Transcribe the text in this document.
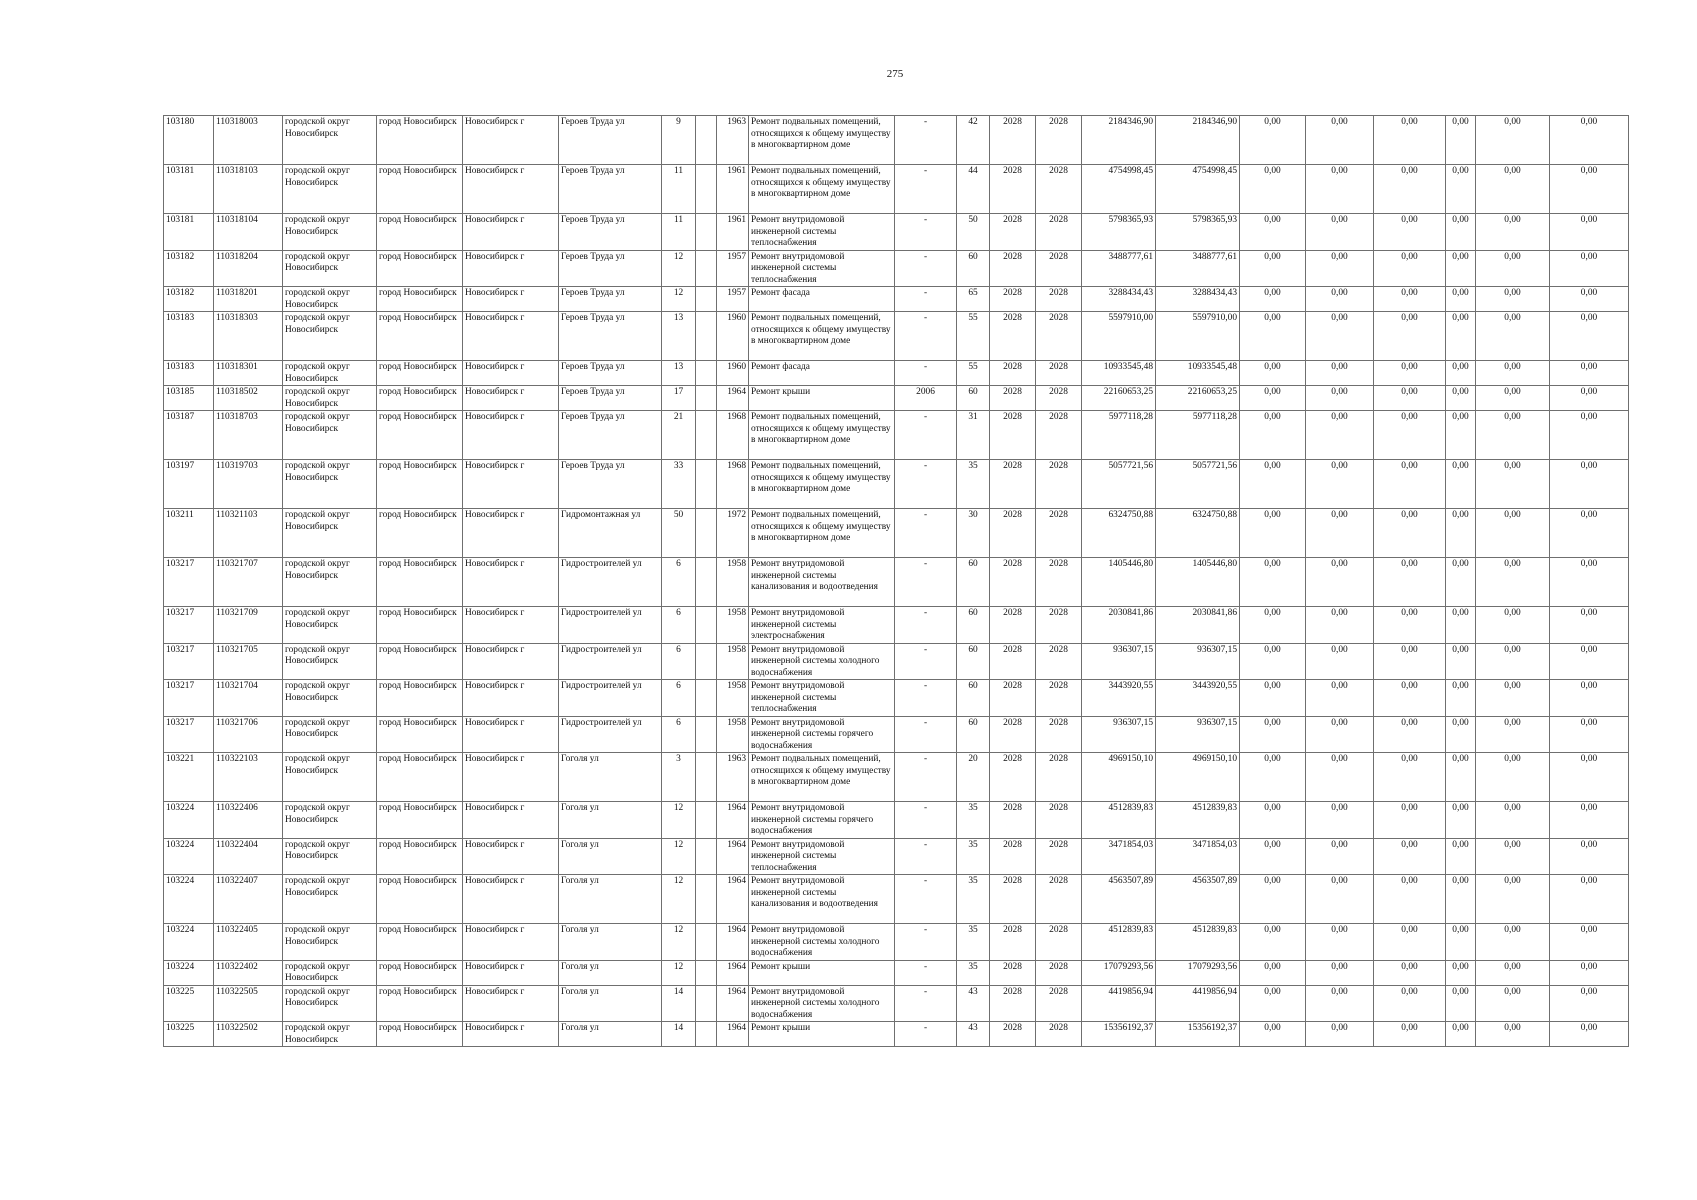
275
103180	110318003	городской округ Новосибирск	город Новосибирск	Новосибирск г	Героев Труда ул	9		1963	Ремонт подвальных помещений, относящихся к общему имуществу в многоквартирном доме	-	42	2028	2028	2184346,90	2184346,90	0,00	0,00	0,00	0,00	0,00	0,00
103181	110318103	городской округ Новосибирск	город Новосибирск	Новосибирск г	Героев Труда ул	11		1961	Ремонт подвальных помещений, относящихся к общему имуществу в многоквартирном доме	-	44	2028	2028	4754998,45	4754998,45	0,00	0,00	0,00	0,00	0,00	0,00
103181	110318104	городской округ Новосибирск	город Новосибирск	Новосибирск г	Героев Труда ул	11		1961	Ремонт внутридомовой инженерной системы теплоснабжения	-	50	2028	2028	5798365,93	5798365,93	0,00	0,00	0,00	0,00	0,00	0,00
103182	110318204	городской округ Новосибирск	город Новосибирск	Новосибирск г	Героев Труда ул	12		1957	Ремонт внутридомовой инженерной системы теплоснабжения	-	60	2028	2028	3488777,61	3488777,61	0,00	0,00	0,00	0,00	0,00	0,00
103182	110318201	городской округ Новосибирск	город Новосибирск	Новосибирск г	Героев Труда ул	12		1957	Ремонт фасада	-	65	2028	2028	3288434,43	3288434,43	0,00	0,00	0,00	0,00	0,00	0,00
103183	110318303	городской округ Новосибирск	город Новосибирск	Новосибирск г	Героев Труда ул	13		1960	Ремонт подвальных помещений, относящихся к общему имуществу в многоквартирном доме	-	55	2028	2028	5597910,00	5597910,00	0,00	0,00	0,00	0,00	0,00	0,00
103183	110318301	городской округ Новосибирск	город Новосибирск	Новосибирск г	Героев Труда ул	13		1960	Ремонт фасада	-	55	2028	2028	10933545,48	10933545,48	0,00	0,00	0,00	0,00	0,00	0,00
103185	110318502	городской округ Новосибирск	город Новосибирск	Новосибирск г	Героев Труда ул	17		1964	Ремонт крыши	2006	60	2028	2028	22160653,25	22160653,25	0,00	0,00	0,00	0,00	0,00	0,00
103187	110318703	городской округ Новосибирск	город Новосибирск	Новосибирск г	Героев Труда ул	21		1968	Ремонт подвальных помещений, относящихся к общему имуществу в многоквартирном доме	-	31	2028	2028	5977118,28	5977118,28	0,00	0,00	0,00	0,00	0,00	0,00
103197	110319703	городской округ Новосибирск	город Новосибирск	Новосибирск г	Героев Труда ул	33		1968	Ремонт подвальных помещений, относящихся к общему имуществу в многоквартирном доме	-	35	2028	2028	5057721,56	5057721,56	0,00	0,00	0,00	0,00	0,00	0,00
103211	110321103	городской округ Новосибирск	город Новосибирск	Новосибирск г	Гидромонтажная ул	50		1972	Ремонт подвальных помещений, относящихся к общему имуществу в многоквартирном доме	-	30	2028	2028	6324750,88	6324750,88	0,00	0,00	0,00	0,00	0,00	0,00
103217	110321707	городской округ Новосибирск	город Новосибирск	Новосибирск г	Гидростроителей ул	6		1958	Ремонт внутридомовой инженерной системы канализования и водоотведения	-	60	2028	2028	1405446,80	1405446,80	0,00	0,00	0,00	0,00	0,00	0,00
103217	110321709	городской округ Новосибирск	город Новосибирск	Новосибирск г	Гидростроителей ул	6		1958	Ремонт внутридомовой инженерной системы электроснабжения	-	60	2028	2028	2030841,86	2030841,86	0,00	0,00	0,00	0,00	0,00	0,00
103217	110321705	городской округ Новосибирск	город Новосибирск	Новосибирск г	Гидростроителей ул	6		1958	Ремонт внутридомовой инженерной системы холодного водоснабжения	-	60	2028	2028	936307,15	936307,15	0,00	0,00	0,00	0,00	0,00	0,00
103217	110321704	городской округ Новосибирск	город Новосибирск	Новосибирск г	Гидростроителей ул	6		1958	Ремонт внутридомовой инженерной системы теплоснабжения	-	60	2028	2028	3443920,55	3443920,55	0,00	0,00	0,00	0,00	0,00	0,00
103217	110321706	городской округ Новосибирск	город Новосибирск	Новосибирск г	Гидростроителей ул	6		1958	Ремонт внутридомовой инженерной системы горячего водоснабжения	-	60	2028	2028	936307,15	936307,15	0,00	0,00	0,00	0,00	0,00	0,00
103221	110322103	городской округ Новосибирск	город Новосибирск	Новосибирск г	Гоголя ул	3		1963	Ремонт подвальных помещений, относящихся к общему имуществу в многоквартирном доме	-	20	2028	2028	4969150,10	4969150,10	0,00	0,00	0,00	0,00	0,00	0,00
103224	110322406	городской округ Новосибирск	город Новосибирск	Новосибирск г	Гоголя ул	12		1964	Ремонт внутридомовой инженерной системы горячего водоснабжения	-	35	2028	2028	4512839,83	4512839,83	0,00	0,00	0,00	0,00	0,00	0,00
103224	110322404	городской округ Новосибирск	город Новосибирск	Новосибирск г	Гоголя ул	12		1964	Ремонт внутридомовой инженерной системы теплоснабжения	-	35	2028	2028	3471854,03	3471854,03	0,00	0,00	0,00	0,00	0,00	0,00
103224	110322407	городской округ Новосибирск	город Новосибирск	Новосибирск г	Гоголя ул	12		1964	Ремонт внутридомовой инженерной системы канализования и водоотведения	-	35	2028	2028	4563507,89	4563507,89	0,00	0,00	0,00	0,00	0,00	0,00
103224	110322405	городской округ Новосибирск	город Новосибирск	Новосибирск г	Гоголя ул	12		1964	Ремонт внутридомовой инженерной системы холодного водоснабжения	-	35	2028	2028	4512839,83	4512839,83	0,00	0,00	0,00	0,00	0,00	0,00
103224	110322402	городской округ Новосибирск	город Новосибирск	Новосибирск г	Гоголя ул	12		1964	Ремонт крыши	-	35	2028	2028	17079293,56	17079293,56	0,00	0,00	0,00	0,00	0,00	0,00
103225	110322505	городской округ Новосибирск	город Новосибирск	Новосибирск г	Гоголя ул	14		1964	Ремонт внутридомовой инженерной системы холодного водоснабжения	-	43	2028	2028	4419856,94	4419856,94	0,00	0,00	0,00	0,00	0,00	0,00
103225	110322502	городской округ Новосибирск	город Новосибирск	Новосибирск г	Гоголя ул	14		1964	Ремонт крыши	-	43	2028	2028	15356192,37	15356192,37	0,00	0,00	0,00	0,00	0,00	0,00
